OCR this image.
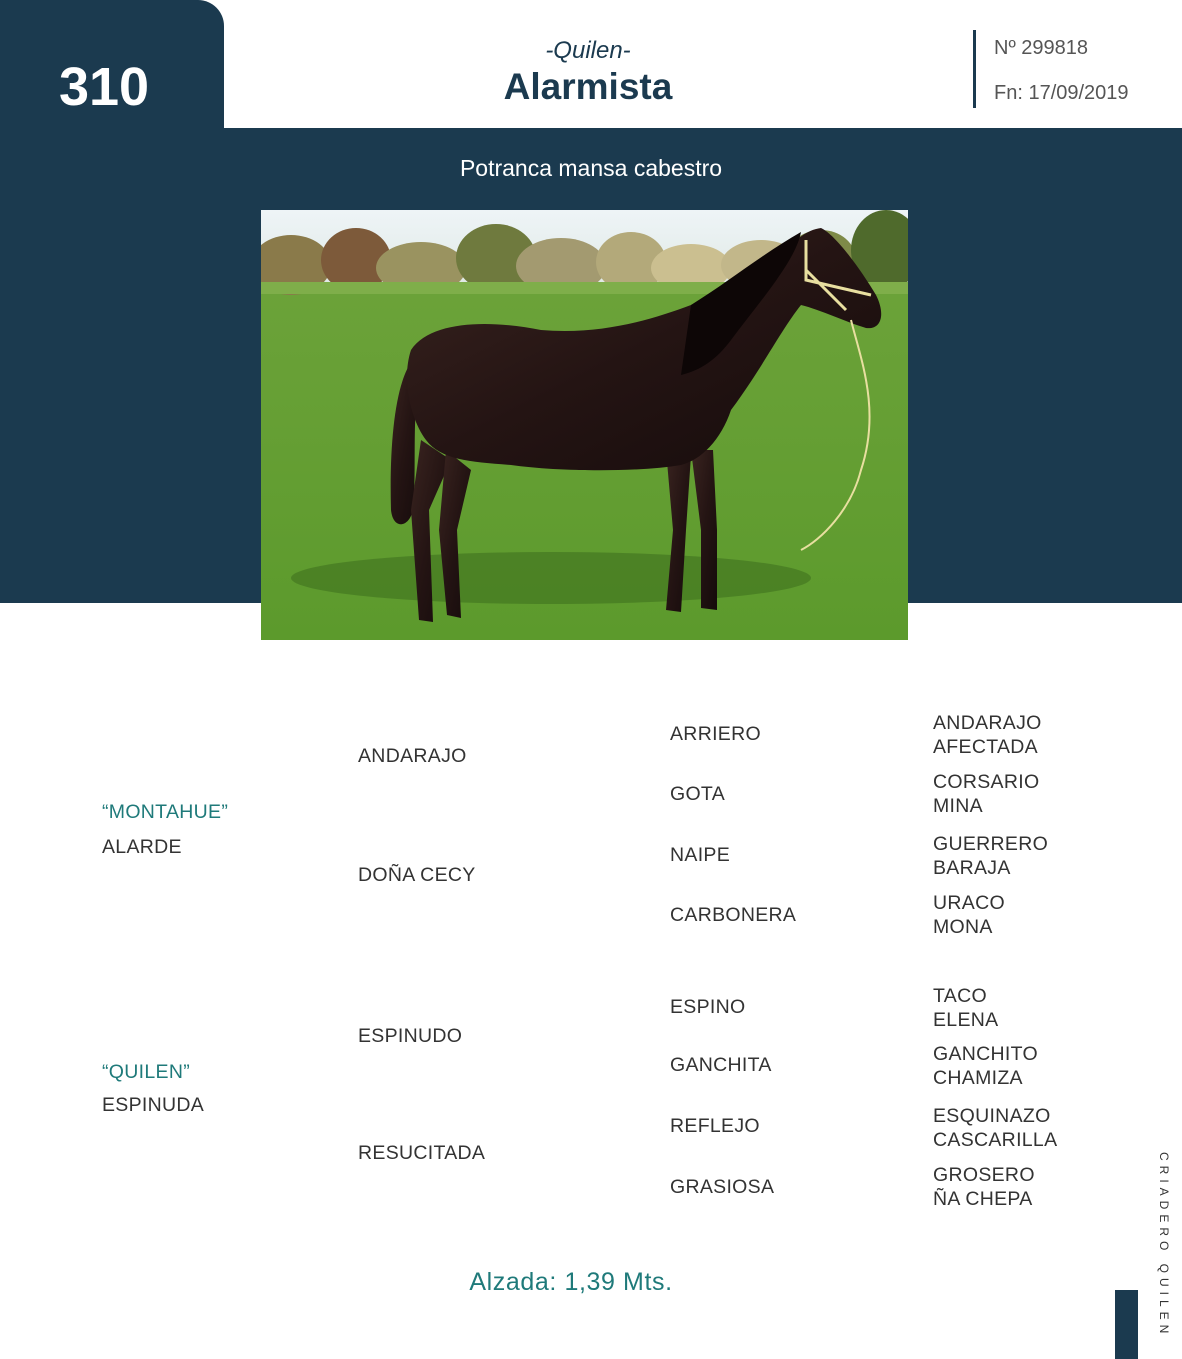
310
-Quilen-
Alarmista
Nº 299818
Fn: 17/09/2019
Potranca mansa cabestro
“MONTAHUE”
ALARDE
“QUILEN”
ESPINUDA
ANDARAJO
DOÑA CECY
ESPINUDO
RESUCITADA
ARRIERO
GOTA
NAIPE
CARBONERA
ESPINO
GANCHITA
REFLEJO
GRASIOSA
ANDARAJO
AFECTADA
CORSARIO
MINA
GUERRERO
BARAJA
URACO
MONA
TACO
ELENA
GANCHITO
CHAMIZA
ESQUINAZO
CASCARILLA
GROSERO
ÑA CHEPA
Alzada: 1,39 Mts.	CRIADERO QUILEN
